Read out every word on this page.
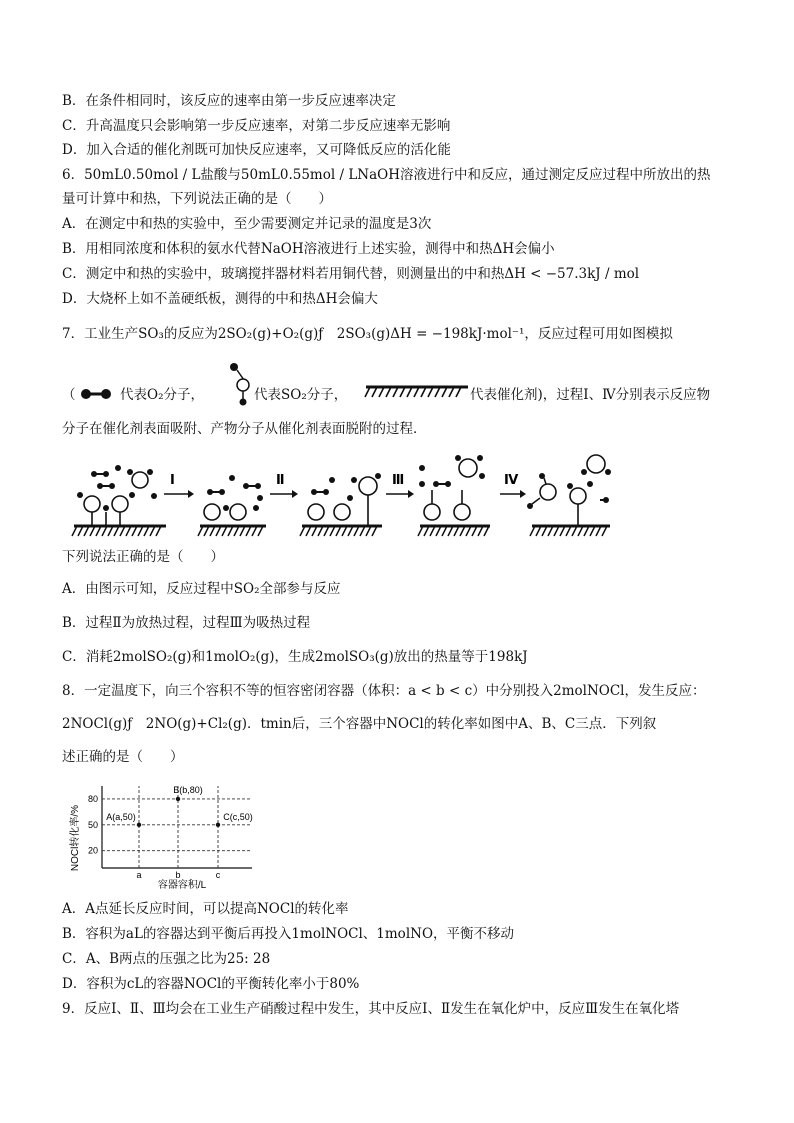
B．在条件相同时，该反应的速率由第一步反应速率决定
C．升高温度只会影响第一步反应速率，对第二步反应速率无影响
D．加入合适的催化剂既可加快反应速率，又可降低反应的活化能
6．50mL0.50mol / L盐酸与50mL0.55mol / LNaOH溶液进行中和反应，通过测定反应过程中所放出的热
量可计算中和热，下列说法正确的是（　　）
A．在测定中和热的实验中，至少需要测定并记录的温度是3次
B．用相同浓度和体积的氨水代替NaOH溶液进行上述实验，测得中和热ΔH会偏小
C．测定中和热的实验中，玻璃搅拌器材料若用铜代替，则测量出的中和热ΔH < −57.3kJ / mol
D．大烧杯上如不盖硬纸板，测得的中和热ΔH会偏大
7．工业生产SO₃的反应为2SO₂(g)+O₂(g)ƒ　2SO₃(g)ΔH = −198kJ·mol⁻¹，反应过程可用如图模拟
（	代表O₂分子，	代表SO₂分子，	代表催化剂)，过程Ⅰ、Ⅳ分别表示反应物
分子在催化剂表面吸附、产物分子从催化剂表面脱附的过程．
Ⅰ	Ⅱ	Ⅲ	Ⅳ
下列说法正确的是（　　）
A．由图示可知，反应过程中SO₂全部参与反应
B．过程Ⅱ为放热过程，过程Ⅲ为吸热过程
C．消耗2molSO₂(g)和1molO₂(g)，生成2molSO₃(g)放出的热量等于198kJ
8．一定温度下，向三个容积不等的恒容密闭容器（体积：a < b < c）中分别投入2molNOCl，发生反应：
2NOCl(g)ƒ　2NO(g)+Cl₂(g)．tmin后，三个容器中NOCl的转化率如图中A、B、C三点．下列叙
述正确的是（　　）
20
50
80
a	b	c
A(a,50)
B(b,80)
C(c,50)
NOCl转化率/%
容器容积/L
A．A点延长反应时间，可以提高NOCl的转化率
B．容积为aL的容器达到平衡后再投入1molNOCl、1molNO，平衡不移动
C．A、B两点的压强之比为25: 28
D．容积为cL的容器NOCl的平衡转化率小于80%
9．反应Ⅰ、Ⅱ、Ⅲ均会在工业生产硝酸过程中发生，其中反应Ⅰ、Ⅱ发生在氧化炉中，反应Ⅲ发生在氧化塔
